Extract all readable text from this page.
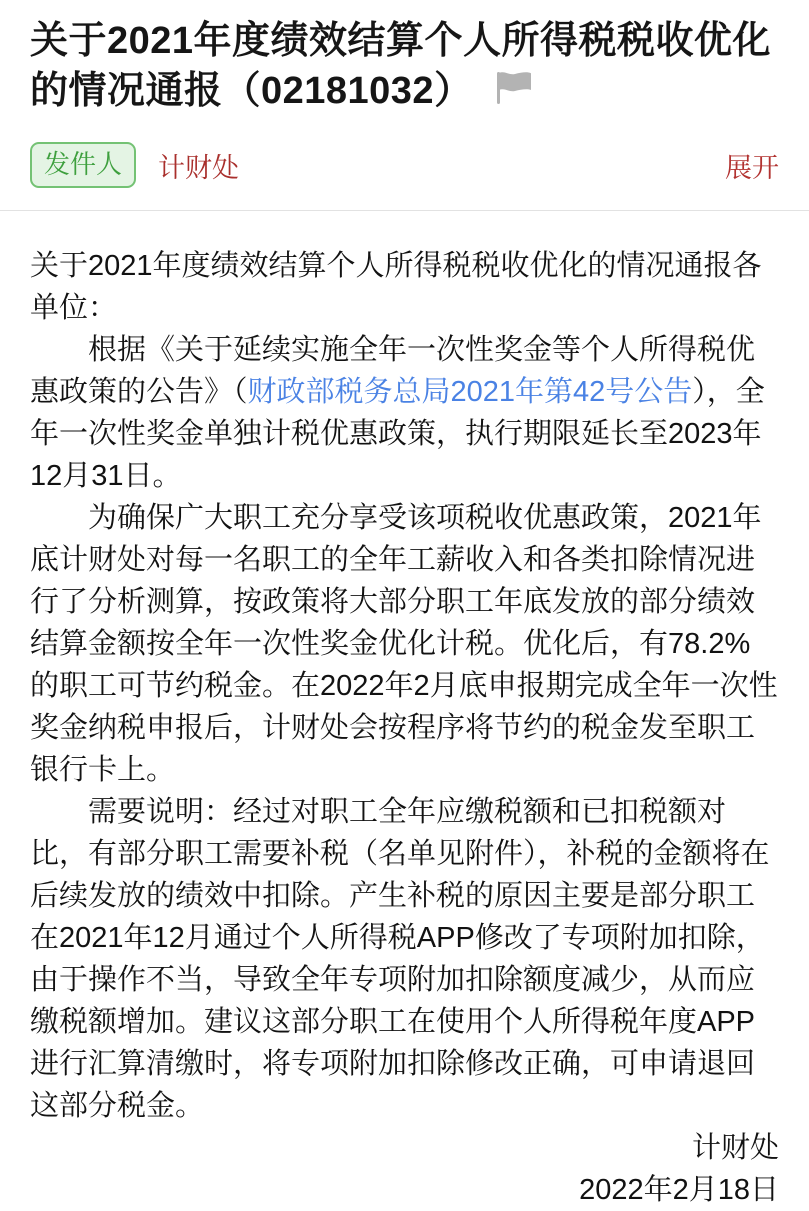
关于2021年度绩效结算个人所得税税收优化的情况通报（02181032）
发件人	计财处	展开

关于2021年度绩效结算个人所得税税收优化的情况通报各单位：

根据《关于延续实施全年一次性奖金等个人所得税优惠政策的公告》（财政部税务总局2021年第42号公告），全年一次性奖金单独计税优惠政策，执行期限延长至2023年12月31日。

为确保广大职工充分享受该项税收优惠政策，2021年底计财处对每一名职工的全年工薪收入和各类扣除情况进行了分析测算，按政策将大部分职工年底发放的部分绩效结算金额按全年一次性奖金优化计税。优化后，有78.2%的职工可节约税金。在2022年2月底申报期完成全年一次性奖金纳税申报后，计财处会按程序将节约的税金发至职工银行卡上。

需要说明：经过对职工全年应缴税额和已扣税额对比，有部分职工需要补税（名单见附件），补税的金额将在后续发放的绩效中扣除。产生补税的原因主要是部分职工在2021年12月通过个人所得税APP修改了专项附加扣除，由于操作不当，导致全年专项附加扣除额度减少，从而应缴税额增加。建议这部分职工在使用个人所得税年度APP进行汇算清缴时，将专项附加扣除修改正确，可申请退回这部分税金。

计财处

2022年2月18日
